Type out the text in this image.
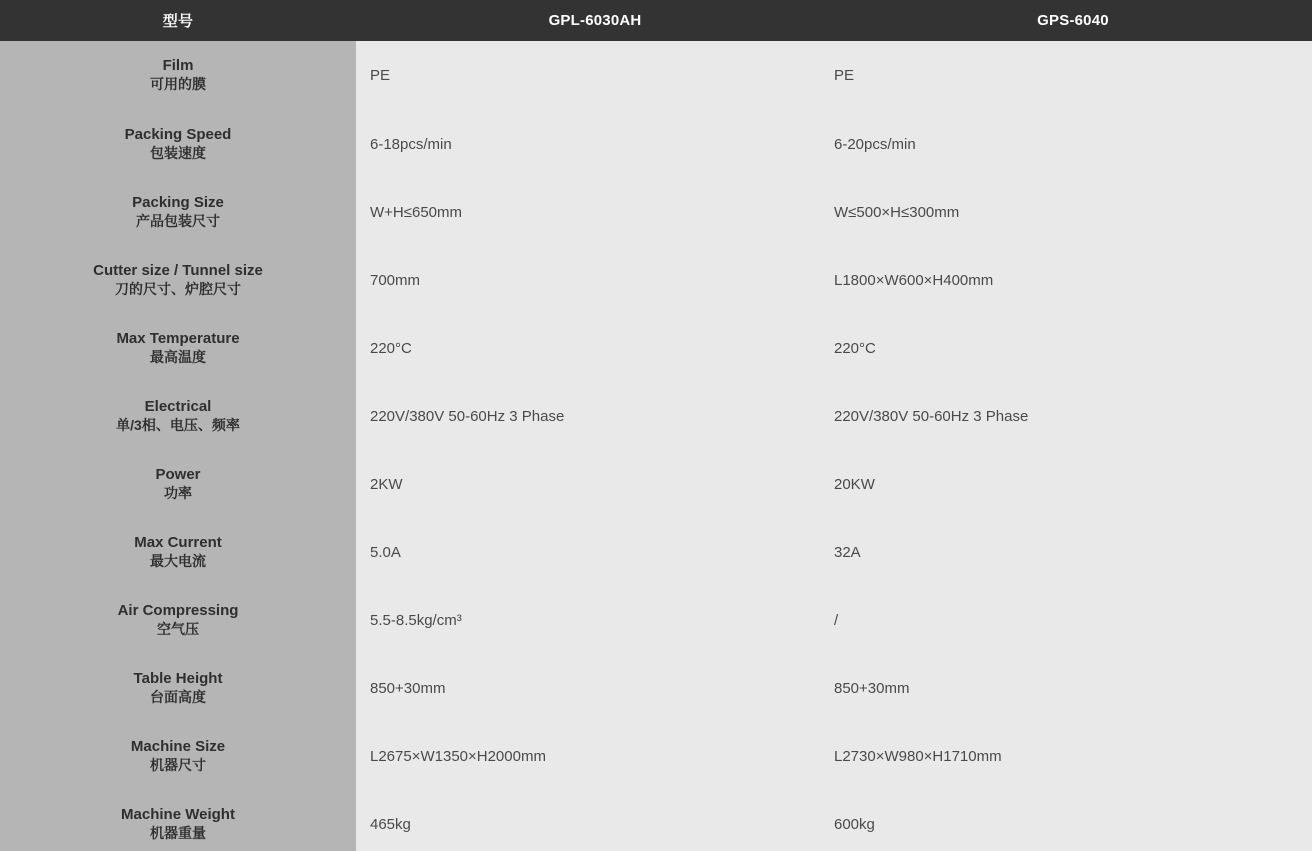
型号	GPL-6030AH	GPS-6040

Film
可用的膜	PE	PE

Packing Speed
包装速度	6-18pcs/min	6-20pcs/min

Packing Size
产品包装尺寸	W+H≤650mm	W≤500×H≤300mm

Cutter size / Tunnel size
刀的尺寸、炉腔尺寸	700mm	L1800×W600×H400mm

Max Temperature
最高温度	220°C	220°C

Electrical
单/3相、电压、频率	220V/380V 50-60Hz 3 Phase	220V/380V 50-60Hz 3 Phase

Power
功率	2KW	20KW

Max Current
最大电流	5.0A	32A

Air Compressing
空气压	5.5-8.5kg/cm³	/

Table Height
台面高度	850+30mm	850+30mm

Machine Size
机器尺寸	L2675×W1350×H2000mm	L2730×W980×H1710mm

Machine Weight
机器重量	465kg	600kg
